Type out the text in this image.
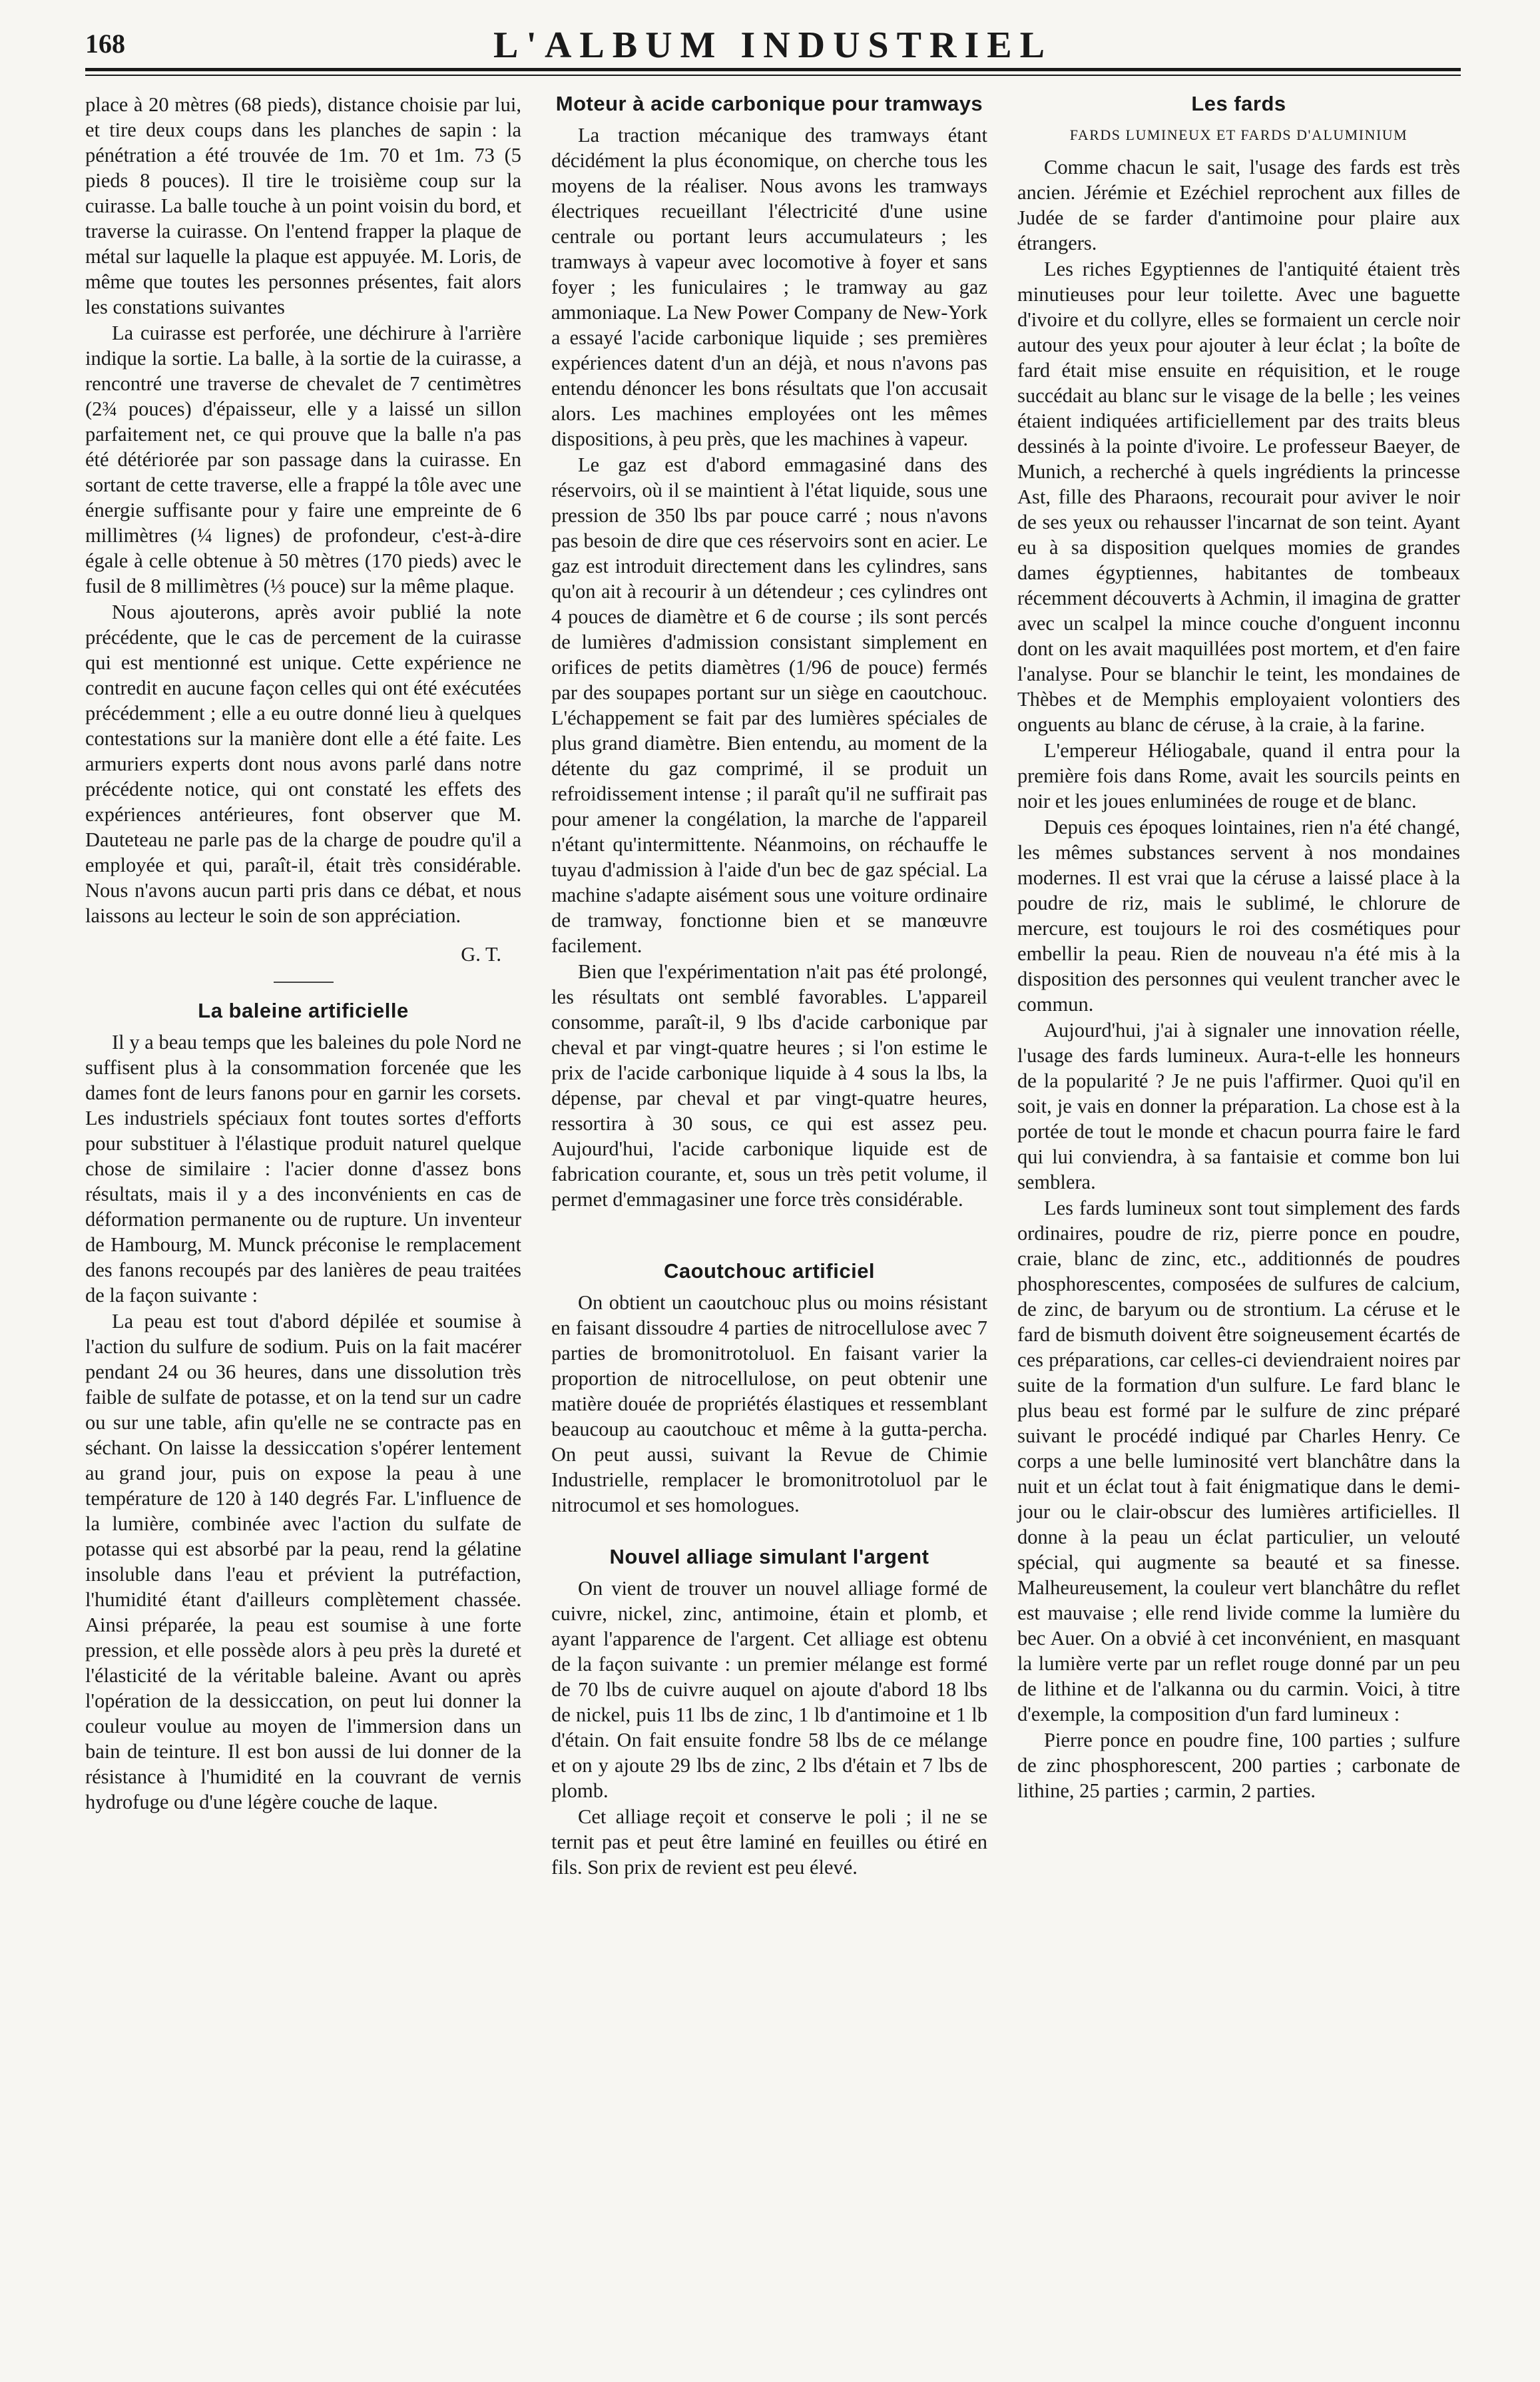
168	L'ALBUM INDUSTRIEL

place à 20 mètres (68 pieds), distance choisie par lui, et tire deux coups dans les planches de sapin : la pénétration a été trouvée de 1m. 70 et 1m. 73 (5 pieds 8 pouces). Il tire le troisième coup sur la cuirasse. La balle touche à un point voisin du bord, et traverse la cuirasse. On l'entend frapper la plaque de métal sur laquelle la plaque est appuyée. M. Loris, de même que toutes les personnes présentes, fait alors les constations suivantes

La cuirasse est perforée, une déchirure à l'arrière indique la sortie. La balle, à la sortie de la cuirasse, a rencontré une traverse de chevalet de 7 centimètres (2¾ pouces) d'épaisseur, elle y a laissé un sillon parfaitement net, ce qui prouve que la balle n'a pas été détériorée par son passage dans la cuirasse. En sortant de cette traverse, elle a frappé la tôle avec une énergie suffisante pour y faire une empreinte de 6 millimètres (¼ lignes) de profondeur, c'est-à-dire égale à celle obtenue à 50 mètres (170 pieds) avec le fusil de 8 millimètres (⅓ pouce) sur la même plaque.

Nous ajouterons, après avoir publié la note précédente, que le cas de percement de la cuirasse qui est mentionné est unique. Cette expérience ne contredit en aucune façon celles qui ont été exécutées précédemment ; elle a eu outre donné lieu à quelques contestations sur la manière dont elle a été faite. Les armuriers experts dont nous avons parlé dans notre précédente notice, qui ont constaté les effets des expériences antérieures, font observer que M. Dauteteau ne parle pas de la charge de poudre qu'il a employée et qui, paraît-il, était très considérable. Nous n'avons aucun parti pris dans ce débat, et nous laissons au lecteur le soin de son appréciation.

G. T.
La baleine artificielle

Il y a beau temps que les baleines du pole Nord ne suffisent plus à la consommation forcenée que les dames font de leurs fanons pour en garnir les corsets. Les industriels spéciaux font toutes sortes d'efforts pour substituer à l'élastique produit naturel quelque chose de similaire : l'acier donne d'assez bons résultats, mais il y a des inconvénients en cas de déformation permanente ou de rupture. Un inventeur de Hambourg, M. Munck préconise le remplacement des fanons recoupés par des lanières de peau traitées de la façon suivante :

La peau est tout d'abord dépilée et soumise à l'action du sulfure de sodium. Puis on la fait macérer pendant 24 ou 36 heures, dans une dissolution très faible de sulfate de potasse, et on la tend sur un cadre ou sur une table, afin qu'elle ne se contracte pas en séchant. On laisse la dessiccation s'opérer lentement au grand jour, puis on expose la peau à une température de 120 à 140 degrés Far. L'influence de la lumière, combinée avec l'action du sulfate de potasse qui est absorbé par la peau, rend la gélatine insoluble dans l'eau et prévient la putréfaction, l'humidité étant d'ailleurs complètement chassée. Ainsi préparée, la peau est soumise à une forte pression, et elle possède alors à peu près la dureté et l'élasticité de la véritable baleine. Avant ou après l'opération de la dessiccation, on peut lui donner la couleur voulue au moyen de l'immersion dans un bain de teinture. Il est bon aussi de lui donner de la résistance à l'humidité en la couvrant de vernis hydrofuge ou d'une légère couche de laque.

Moteur à acide carbonique pour tramways

La traction mécanique des tramways étant décidément la plus économique, on cherche tous les moyens de la réaliser. Nous avons les tramways électriques recueillant l'électricité d'une usine centrale ou portant leurs accumulateurs ; les tramways à vapeur avec locomotive à foyer et sans foyer ; les funiculaires ; le tramway au gaz ammoniaque. La New Power Company de New-York a essayé l'acide carbonique liquide ; ses premières expériences datent d'un an déjà, et nous n'avons pas entendu dénoncer les bons résultats que l'on accusait alors. Les machines employées ont les mêmes dispositions, à peu près, que les machines à vapeur.

Le gaz est d'abord emmagasiné dans des réservoirs, où il se maintient à l'état liquide, sous une pression de 350 lbs par pouce carré ; nous n'avons pas besoin de dire que ces réservoirs sont en acier. Le gaz est introduit directement dans les cylindres, sans qu'on ait à recourir à un détendeur ; ces cylindres ont 4 pouces de diamètre et 6 de course ; ils sont percés de lumières d'admission consistant simplement en orifices de petits diamètres (1/96 de pouce) fermés par des soupapes portant sur un siège en caoutchouc. L'échappement se fait par des lumières spéciales de plus grand diamètre. Bien entendu, au moment de la détente du gaz comprimé, il se produit un refroidissement intense ; il paraît qu'il ne suffirait pas pour amener la congélation, la marche de l'appareil n'étant qu'intermittente. Néanmoins, on réchauffe le tuyau d'admission à l'aide d'un bec de gaz spécial. La machine s'adapte aisément sous une voiture ordinaire de tramway, fonctionne bien et se manœuvre facilement.

Bien que l'expérimentation n'ait pas été prolongé, les résultats ont semblé favorables. L'appareil consomme, paraît-il, 9 lbs d'acide carbonique par cheval et par vingt-quatre heures ; si l'on estime le prix de l'acide carbonique liquide à 4 sous la lbs, la dépense, par cheval et par vingt-quatre heures, ressortira à 30 sous, ce qui est assez peu. Aujourd'hui, l'acide carbonique liquide est de fabrication courante, et, sous un très petit volume, il permet d'emmagasiner une force très considérable.

Caoutchouc artificiel

On obtient un caoutchouc plus ou moins résistant en faisant dissoudre 4 parties de nitrocellulose avec 7 parties de bromonitrotoluol. En faisant varier la proportion de nitrocellulose, on peut obtenir une matière douée de propriétés élastiques et ressemblant beaucoup au caoutchouc et même à la gutta-percha. On peut aussi, suivant la Revue de Chimie Industrielle, remplacer le bromonitrotoluol par le nitrocumol et ses homologues.

Nouvel alliage simulant l'argent

On vient de trouver un nouvel alliage formé de cuivre, nickel, zinc, antimoine, étain et plomb, et ayant l'apparence de l'argent. Cet alliage est obtenu de la façon suivante : un premier mélange est formé de 70 lbs de cuivre auquel on ajoute d'abord 18 lbs de nickel, puis 11 lbs de zinc, 1 lb d'antimoine et 1 lb d'étain. On fait ensuite fondre 58 lbs de ce mélange et on y ajoute 29 lbs de zinc, 2 lbs d'étain et 7 lbs de plomb.

Cet alliage reçoit et conserve le poli ; il ne se ternit pas et peut être laminé en feuilles ou étiré en fils. Son prix de revient est peu élevé.

Les fards
FARDS LUMINEUX ET FARDS D'ALUMINIUM

Comme chacun le sait, l'usage des fards est très ancien. Jérémie et Ezéchiel reprochent aux filles de Judée de se farder d'antimoine pour plaire aux étrangers.

Les riches Egyptiennes de l'antiquité étaient très minutieuses pour leur toilette. Avec une baguette d'ivoire et du collyre, elles se formaient un cercle noir autour des yeux pour ajouter à leur éclat ; la boîte de fard était mise ensuite en réquisition, et le rouge succédait au blanc sur le visage de la belle ; les veines étaient indiquées artificiellement par des traits bleus dessinés à la pointe d'ivoire. Le professeur Baeyer, de Munich, a recherché à quels ingrédients la princesse Ast, fille des Pharaons, recourait pour aviver le noir de ses yeux ou rehausser l'incarnat de son teint. Ayant eu à sa disposition quelques momies de grandes dames égyptiennes, habitantes de tombeaux récemment découverts à Achmin, il imagina de gratter avec un scalpel la mince couche d'onguent inconnu dont on les avait maquillées post mortem, et d'en faire l'analyse. Pour se blanchir le teint, les mondaines de Thèbes et de Memphis employaient volontiers des onguents au blanc de céruse, à la craie, à la farine.

L'empereur Héliogabale, quand il entra pour la première fois dans Rome, avait les sourcils peints en noir et les joues enluminées de rouge et de blanc.

Depuis ces époques lointaines, rien n'a été changé, les mêmes substances servent à nos mondaines modernes. Il est vrai que la céruse a laissé place à la poudre de riz, mais le sublimé, le chlorure de mercure, est toujours le roi des cosmétiques pour embellir la peau. Rien de nouveau n'a été mis à la disposition des personnes qui veulent trancher avec le commun.

Aujourd'hui, j'ai à signaler une innovation réelle, l'usage des fards lumineux. Aura-t-elle les honneurs de la popularité ? Je ne puis l'affirmer. Quoi qu'il en soit, je vais en donner la préparation. La chose est à la portée de tout le monde et chacun pourra faire le fard qui lui conviendra, à sa fantaisie et comme bon lui semblera.

Les fards lumineux sont tout simplement des fards ordinaires, poudre de riz, pierre ponce en poudre, craie, blanc de zinc, etc., additionnés de poudres phosphorescentes, composées de sulfures de calcium, de zinc, de baryum ou de strontium. La céruse et le fard de bismuth doivent être soigneusement écartés de ces préparations, car celles-ci deviendraient noires par suite de la formation d'un sulfure. Le fard blanc le plus beau est formé par le sulfure de zinc préparé suivant le procédé indiqué par Charles Henry. Ce corps a une belle luminosité vert blanchâtre dans la nuit et un éclat tout à fait énigmatique dans le demi-jour ou le clair-obscur des lumières artificielles. Il donne à la peau un éclat particulier, un velouté spécial, qui augmente sa beauté et sa finesse. Malheureusement, la couleur vert blanchâtre du reflet est mauvaise ; elle rend livide comme la lumière du bec Auer. On a obvié à cet inconvénient, en masquant la lumière verte par un reflet rouge donné par un peu de lithine et de l'alkanna ou du carmin. Voici, à titre d'exemple, la composition d'un fard lumineux :

Pierre ponce en poudre fine, 100 parties ; sulfure de zinc phosphorescent, 200 parties ; carbonate de lithine, 25 parties ; carmin, 2 parties.
